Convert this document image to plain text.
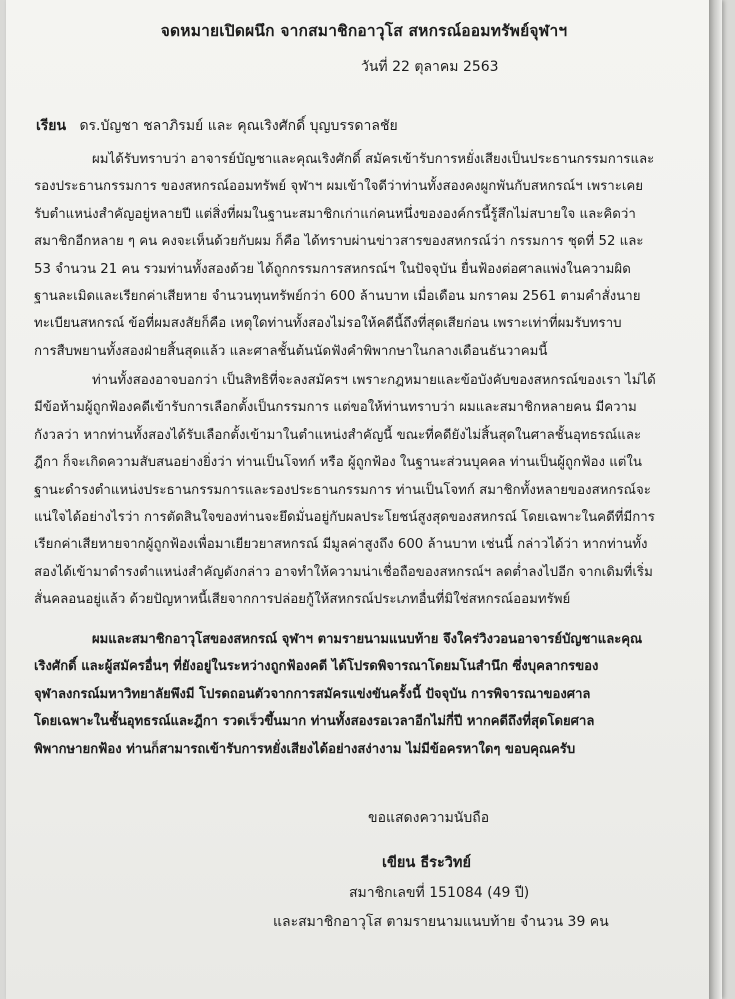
จดหมายเปิดผนึก จากสมาชิกอาวุโส สหกรณ์ออมทรัพย์จุฬาฯ
วันที่ 22 ตุลาคม 2563
เรียน ดร.บัญชา ชลาภิรมย์ และ คุณเริงศักดิ์ บุญบรรดาลชัย
ผมได้รับทราบว่า อาจารย์บัญชาและคุณเริงศักดิ์ สมัครเข้ารับการหยั่งเสียงเป็นประธานกรรมการและ
รองประธานกรรมการ ของสหกรณ์ออมทรัพย์ จุฬาฯ ผมเข้าใจดีว่าท่านทั้งสองคงผูกพันกับสหกรณ์ฯ เพราะเคย
รับตำแหน่งสำคัญอยู่หลายปี แต่สิ่งที่ผมในฐานะสมาชิกเก่าแก่คนหนึ่งขององค์กรนี้รู้สึกไม่สบายใจ และคิดว่า
สมาชิกอีกหลาย ๆ คน คงจะเห็นด้วยกับผม ก็คือ ได้ทราบผ่านข่าวสารของสหกรณ์ว่า กรรมการ ชุดที่ 52 และ
53 จำนวน 21 คน รวมท่านทั้งสองด้วย ได้ถูกกรรมการสหกรณ์ฯ ในปัจจุบัน ยื่นฟ้องต่อศาลแพ่งในความผิด
ฐานละเมิดและเรียกค่าเสียหาย จำนวนทุนทรัพย์กว่า 600 ล้านบาท เมื่อเดือน มกราคม 2561 ตามคำสั่งนาย
ทะเบียนสหกรณ์ ข้อที่ผมสงสัยก็คือ เหตุใดท่านทั้งสองไม่รอให้คดีนี้ถึงที่สุดเสียก่อน เพราะเท่าที่ผมรับทราบ
การสืบพยานทั้งสองฝ่ายสิ้นสุดแล้ว และศาลชั้นต้นนัดฟังคำพิพากษาในกลางเดือนธันวาคมนี้
ท่านทั้งสองอาจบอกว่า เป็นสิทธิที่จะลงสมัครฯ เพราะกฎหมายและข้อบังคับของสหกรณ์ของเรา ไม่ได้
มีข้อห้ามผู้ถูกฟ้องคดีเข้ารับการเลือกตั้งเป็นกรรมการ แต่ขอให้ท่านทราบว่า ผมและสมาชิกหลายคน มีความ
กังวลว่า หากท่านทั้งสองได้รับเลือกตั้งเข้ามาในตำแหน่งสำคัญนี้ ขณะที่คดียังไม่สิ้นสุดในศาลชั้นอุทธรณ์และ
ฎีกา ก็จะเกิดความสับสนอย่างยิ่งว่า ท่านเป็นโจทก์ หรือ ผู้ถูกฟ้อง ในฐานะส่วนบุคคล ท่านเป็นผู้ถูกฟ้อง แต่ใน
ฐานะดำรงตำแหน่งประธานกรรมการและรองประธานกรรมการ ท่านเป็นโจทก์ สมาชิกทั้งหลายของสหกรณ์จะ
แน่ใจได้อย่างไรว่า การตัดสินใจของท่านจะยึดมั่นอยู่กับผลประโยชน์สูงสุดของสหกรณ์ โดยเฉพาะในคดีที่มีการ
เรียกค่าเสียหายจากผู้ถูกฟ้องเพื่อมาเยียวยาสหกรณ์ มีมูลค่าสูงถึง 600 ล้านบาท เช่นนี้ กล่าวได้ว่า หากท่านทั้ง
สองได้เข้ามาดำรงตำแหน่งสำคัญดังกล่าว อาจทำให้ความน่าเชื่อถือของสหกรณ์ฯ ลดต่ำลงไปอีก จากเดิมที่เริ่ม
สั่นคลอนอยู่แล้ว ด้วยปัญหาหนี้เสียจากการปล่อยกู้ให้สหกรณ์ประเภทอื่นที่มิใช่สหกรณ์ออมทรัพย์
ผมและสมาชิกอาวุโสของสหกรณ์ จุฬาฯ ตามรายนามแนบท้าย จึงใคร่วิงวอนอาจารย์บัญชาและคุณ
เริงศักดิ์ และผู้สมัครอื่นๆ ที่ยังอยู่ในระหว่างถูกฟ้องคดี ได้โปรดพิจารณาโดยมโนสำนึก ซึ่งบุคลากรของ
จุฬาลงกรณ์มหาวิทยาลัยพึงมี โปรดถอนตัวจากการสมัครแข่งขันครั้งนี้ ปัจจุบัน การพิจารณาของศาล
โดยเฉพาะในชั้นอุทธรณ์และฎีกา รวดเร็วขึ้นมาก ท่านทั้งสองรอเวลาอีกไม่กี่ปี หากคดีถึงที่สุดโดยศาล
พิพากษายกฟ้อง ท่านก็สามารถเข้ารับการหยั่งเสียงได้อย่างสง่างาม ไม่มีข้อครหาใดๆ ขอบคุณครับ
ขอแสดงความนับถือ
เขียน ธีระวิทย์
สมาชิกเลขที่ 151084 (49 ปี)
และสมาชิกอาวุโส ตามรายนามแนบท้าย จำนวน 39 คน
